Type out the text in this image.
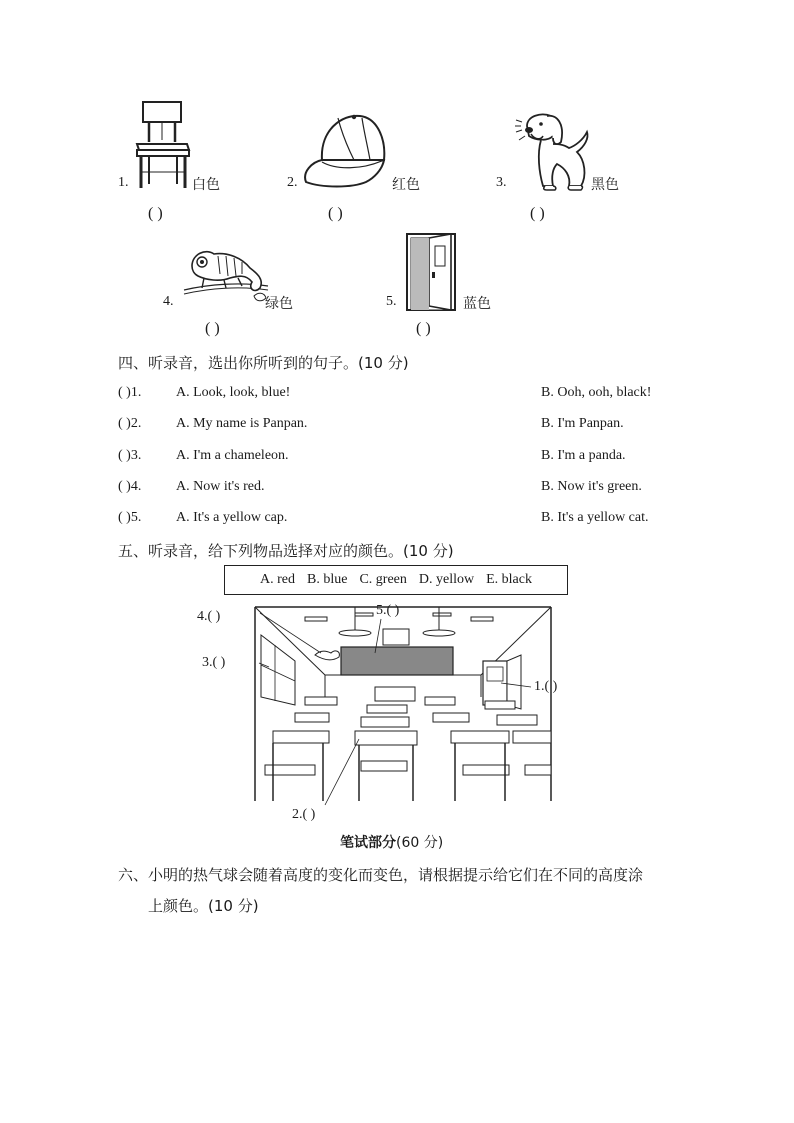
1.	白色
( )
2.	红色
( )
3.	黑色
( )
4.	绿色
( )
5.	蓝色
( )
四、听录音，选出你所听到的句子。(10 分)
( )1. A. Look, look, blue!	B. Ooh, ooh, black!
( )2. A. My name is Panpan.	B. I'm Panpan.
( )3. A. I'm a chameleon.	B. I'm a panda.
( )4. A. Now it's red.	B. Now it's green.
( )5. A. It's a yellow cap.	B. It's a yellow cat.
五、听录音，给下列物品选择对应的颜色。(10 分)
A. red B. blue C. green D. yellow E. black
4.( )
3.( )
5.( )
1.( )
2.( )
笔试部分(60 分)
六、小明的热气球会随着高度的变化而变色，请根据提示给它们在不同的高度涂
上颜色。(10 分)
